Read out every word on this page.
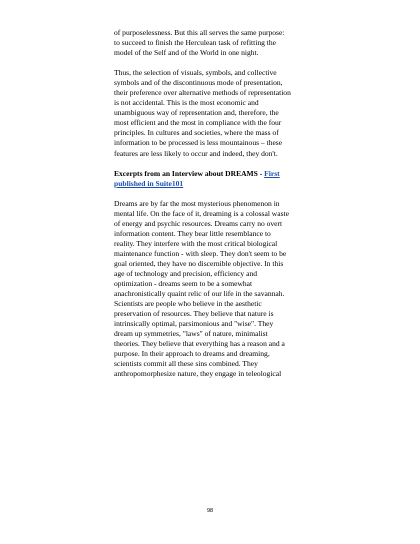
of purposelessness. But this all serves the same purpose:
to succeed to finish the Herculean task of refitting the
model of the Self and of the World in one night.
Thus, the selection of visuals, symbols, and collective
symbols and of the discontinuous mode of presentation,
their preference over alternative methods of representation
is not accidental. This is the most economic and
unambiguous way of representation and, therefore, the
most efficient and the most in compliance with the four
principles. In cultures and societies, where the mass of
information to be processed is less mountainous – these
features are less likely to occur and indeed, they don't.
Excerpts from an Interview about DREAMS - First
published in Suite101
Dreams are by far the most mysterious phenomenon in
mental life. On the face of it, dreaming is a colossal waste
of energy and psychic resources. Dreams carry no overt
information content. They bear little resemblance to
reality. They interfere with the most critical biological
maintenance function - with sleep. They don't seem to be
goal oriented, they have no discernible objective. In this
age of technology and precision, efficiency and
optimization - dreams seem to be a somewhat
anachronistically quaint relic of our life in the savannah.
Scientists are people who believe in the aesthetic
preservation of resources. They believe that nature is
intrinsically optimal, parsimonious and "wise". They
dream up symmetries, "laws" of nature, minimalist
theories. They believe that everything has a reason and a
purpose. In their approach to dreams and dreaming,
scientists commit all these sins combined. They
anthropomorphesize nature, they engage in teleological
98
